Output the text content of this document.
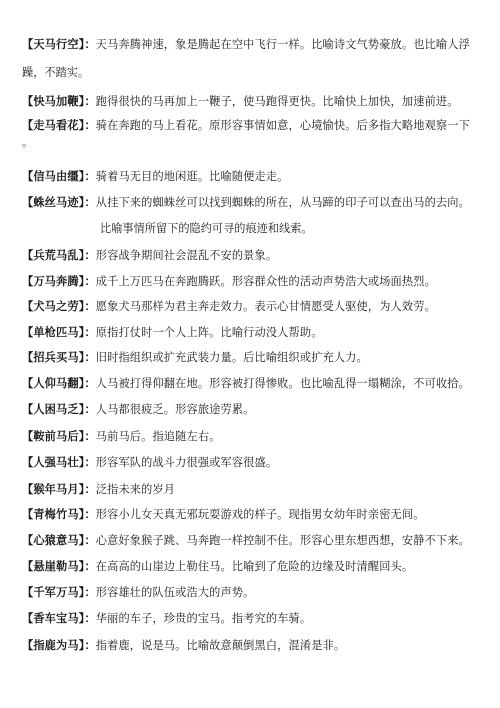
【天马行空】：天马奔腾神速，象是腾起在空中飞行一样。比喻诗文气势豪放。也比喻人浮
躁，不踏实。
【快马加鞭】：跑得很快的马再加上一鞭子，使马跑得更快。比喻快上加快，加速前进。
【走马看花】：骑在奔跑的马上看花。原形容事情如意，心境愉快。后多指大略地观察一下
。
【信马由缰】：骑着马无目的地闲逛。比喻随便走走。
【蛛丝马迹】：从挂下来的蜘蛛丝可以找到蜘蛛的所在，从马蹄的印子可以查出马的去向。
比喻事情所留下的隐约可寻的痕迹和线索。
【兵荒马乱】：形容战争期间社会混乱不安的景象。
【万马奔腾】：成千上万匹马在奔跑腾跃。形容群众性的活动声势浩大或场面热烈。
【犬马之劳】：愿象犬马那样为君主奔走效力。表示心甘情愿受人驱使，为人效劳。
【单枪匹马】：原指打仗时一个人上阵。比喻行动没人帮助。
【招兵买马】：旧时指组织或扩充武装力量。后比喻组织或扩充人力。
【人仰马翻】：人马被打得仰翻在地。形容被打得惨败。也比喻乱得一塌糊涂，不可收拾。
【人困马乏】：人马都很疲乏。形容旅途劳累。
【鞍前马后】：马前马后。指追随左右。
【人强马壮】：形容军队的战斗力很强或军容很盛。
【猴年马月】：泛指未来的岁月
【青梅竹马】：形容小儿女天真无邪玩耍游戏的样子。现指男女幼年时亲密无间。
【心猿意马】：心意好象猴子跳、马奔跑一样控制不住。形容心里东想西想，安静不下来。
【悬崖勒马】：在高高的山崖边上勒住马。比喻到了危险的边缘及时清醒回头。
【千军万马】：形容雄壮的队伍或浩大的声势。
【香车宝马】：华丽的车子，珍贵的宝马。指考究的车骑。
【指鹿为马】：指着鹿，说是马。比喻故意颠倒黑白，混淆是非。
